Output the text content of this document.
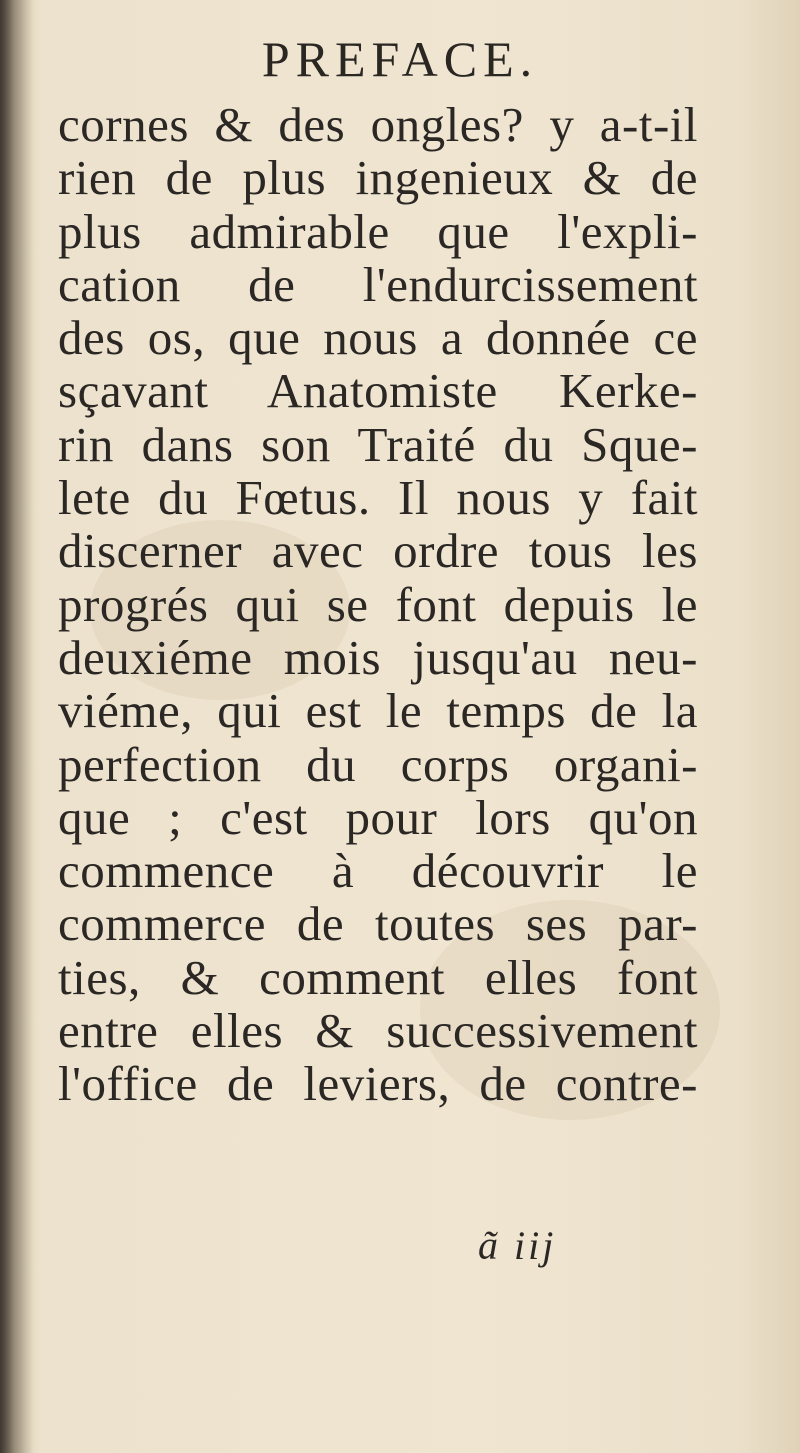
PREFACE.
cornes & des ongles? y a-t-il
rien de plus ingenieux & de
plus admirable que l'expli-
cation de l'endurcissement
des os, que nous a donnée ce
sçavant Anatomiste Kerke-
rin dans son Traité du Sque-
lete du Fœtus. Il nous y fait
discerner avec ordre tous les
progrés qui se font depuis le
deuxiéme mois jusqu'au neu-
viéme, qui est le temps de la
perfection du corps organi-
que ; c'est pour lors qu'on
commence à découvrir le
commerce de toutes ses par-
ties, & comment elles font
entre elles & successivement
l'office de leviers, de contre-
ã iij
